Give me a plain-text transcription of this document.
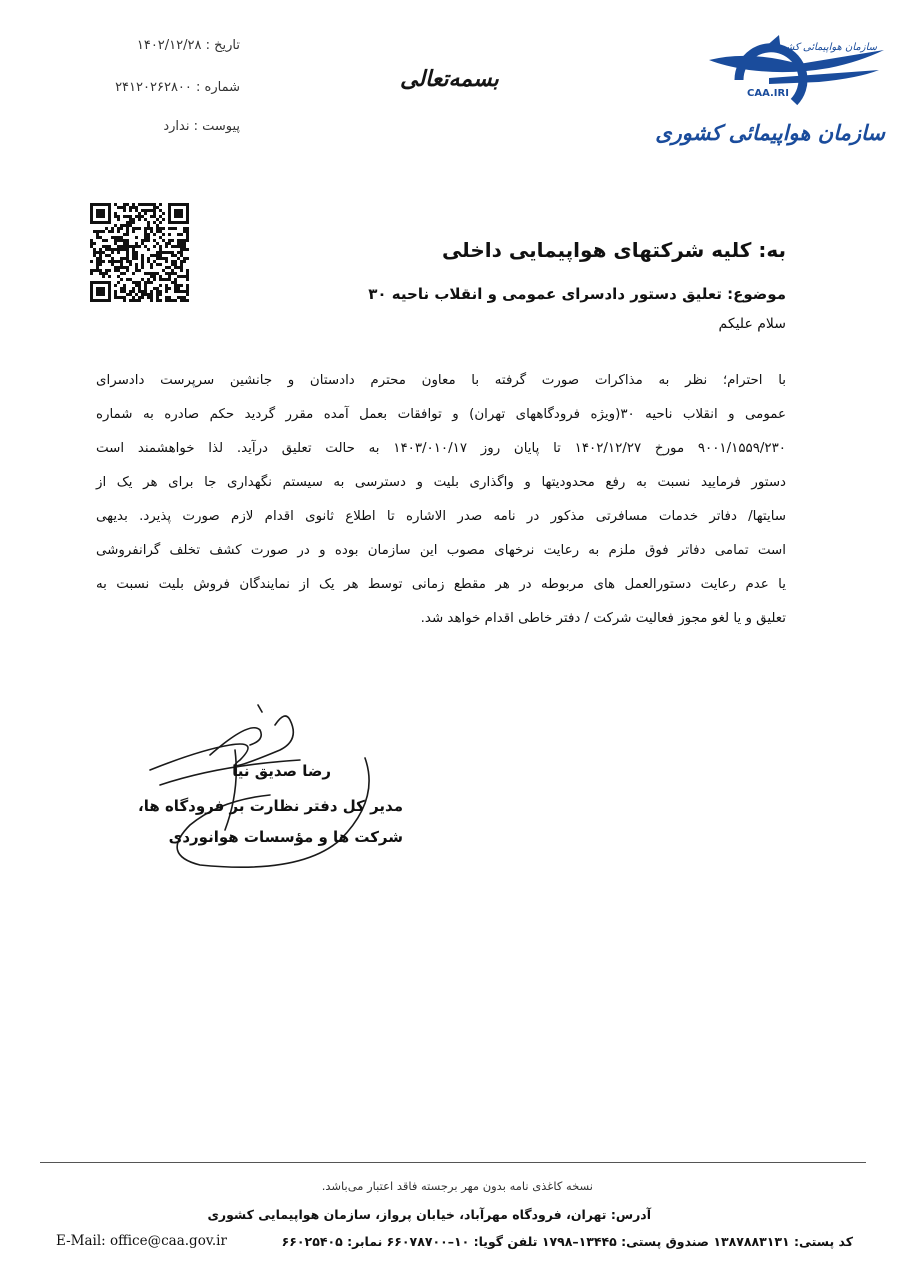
سازمان هواپیمائی کشوری
CAA.IRI
سازمان هواپیمائی کشوری
بسمه‌تعالی
تاریخ : ۱۴۰۲/۱۲/۲۸
شماره : ۲۴۱۲۰۲۶۲۸۰۰
پیوست : ندارد
به: کلیه شرکتهای هواپیمایی داخلی
موضوع: تعلیق دستور دادسرای عمومی و انقلاب ناحیه ۳۰
سلام علیکم
با احترام؛ نظر به مذاکرات صورت گرفته با معاون محترم دادستان و جانشین سرپرست دادسرای
عمومی و انقلاب ناحیه ۳۰(ویژه فرودگاههای تهران) و توافقات بعمل آمده مقرر گردید حکم صادره به شماره
۹۰۰۱/۱۵۵۹/۲۳۰ مورخ ۱۴۰۲/۱۲/۲۷ تا پایان روز ۱۴۰۳/۰۱۰/۱۷ به حالت تعلیق درآید. لذا خواهشمند است
دستور فرمایید نسبت به رفع محدودیتها و واگذاری بلیت و دسترسی به سیستم نگهداری جا برای هر یک از
سایتها/ دفاتر خدمات مسافرتی مذکور در نامه صدر الاشاره تا اطلاع ثانوی اقدام لازم صورت پذیرد. بدیهی
است تمامی دفاتر فوق ملزم به رعایت نرخهای مصوب این سازمان بوده و در صورت کشف تخلف گرانفروشی
یا عدم رعایت دستورالعمل های مربوطه در هر مقطع زمانی توسط هر یک از نمایندگان فروش بلیت نسبت به
تعلیق و یا لغو مجوز فعالیت شرکت / دفتر خاطی اقدام خواهد شد.
رضا صدیق نیا
مدیر کل دفتر نظارت بر فرودگاه ها،
شرکت ها و مؤسسات هوانوردی
نسخه کاغذی نامه بدون مهر برجسته فاقد اعتبار می‌باشد.
آدرس: تهران، فرودگاه مهرآباد، خیابان پرواز، سازمان هواپیمایی کشوری
کد پستی: ۱۳۸۷۸۸۳۱۳۱ صندوق پستی: ۱۳۴۴۵–۱۷۹۸ تلفن گویا: ۱۰–۶۶۰۷۸۷۰۰ نمابر: ۶۶۰۲۵۴۰۵
E-Mail: office@caa.gov.ir
